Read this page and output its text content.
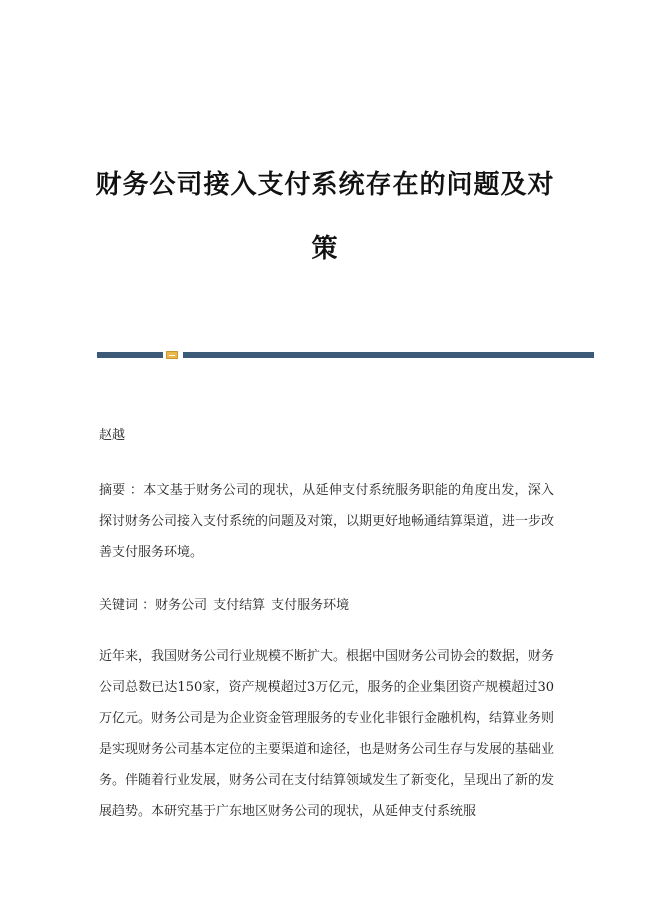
财务公司接入支付系统存在的问题及对
策

赵越

摘要 ：本文基于财务公司的现状，从延伸支付系统服务职能的角度出发，深入探讨财务公司接入支付系统的问题及对策，以期更好地畅通结算渠道，进一步改善支付服务环境。

关键词 ：财务公司 支付结算 支付服务环境

近年来，我国财务公司行业规模不断扩大。根据中国财务公司协会的数据，财务公司总数已达150家，资产规模超过3万亿元，服务的企业集团资产规模超过30万亿元。财务公司是为企业资金管理服务的专业化非银行金融机构，结算业务则是实现财务公司基本定位的主要渠道和途径，也是财务公司生存与发展的基础业务。伴随着行业发展，财务公司在支付结算领域发生了新变化，呈现出了新的发展趋势。本研究基于广东地区财务公司的现状，从延伸支付系统服
